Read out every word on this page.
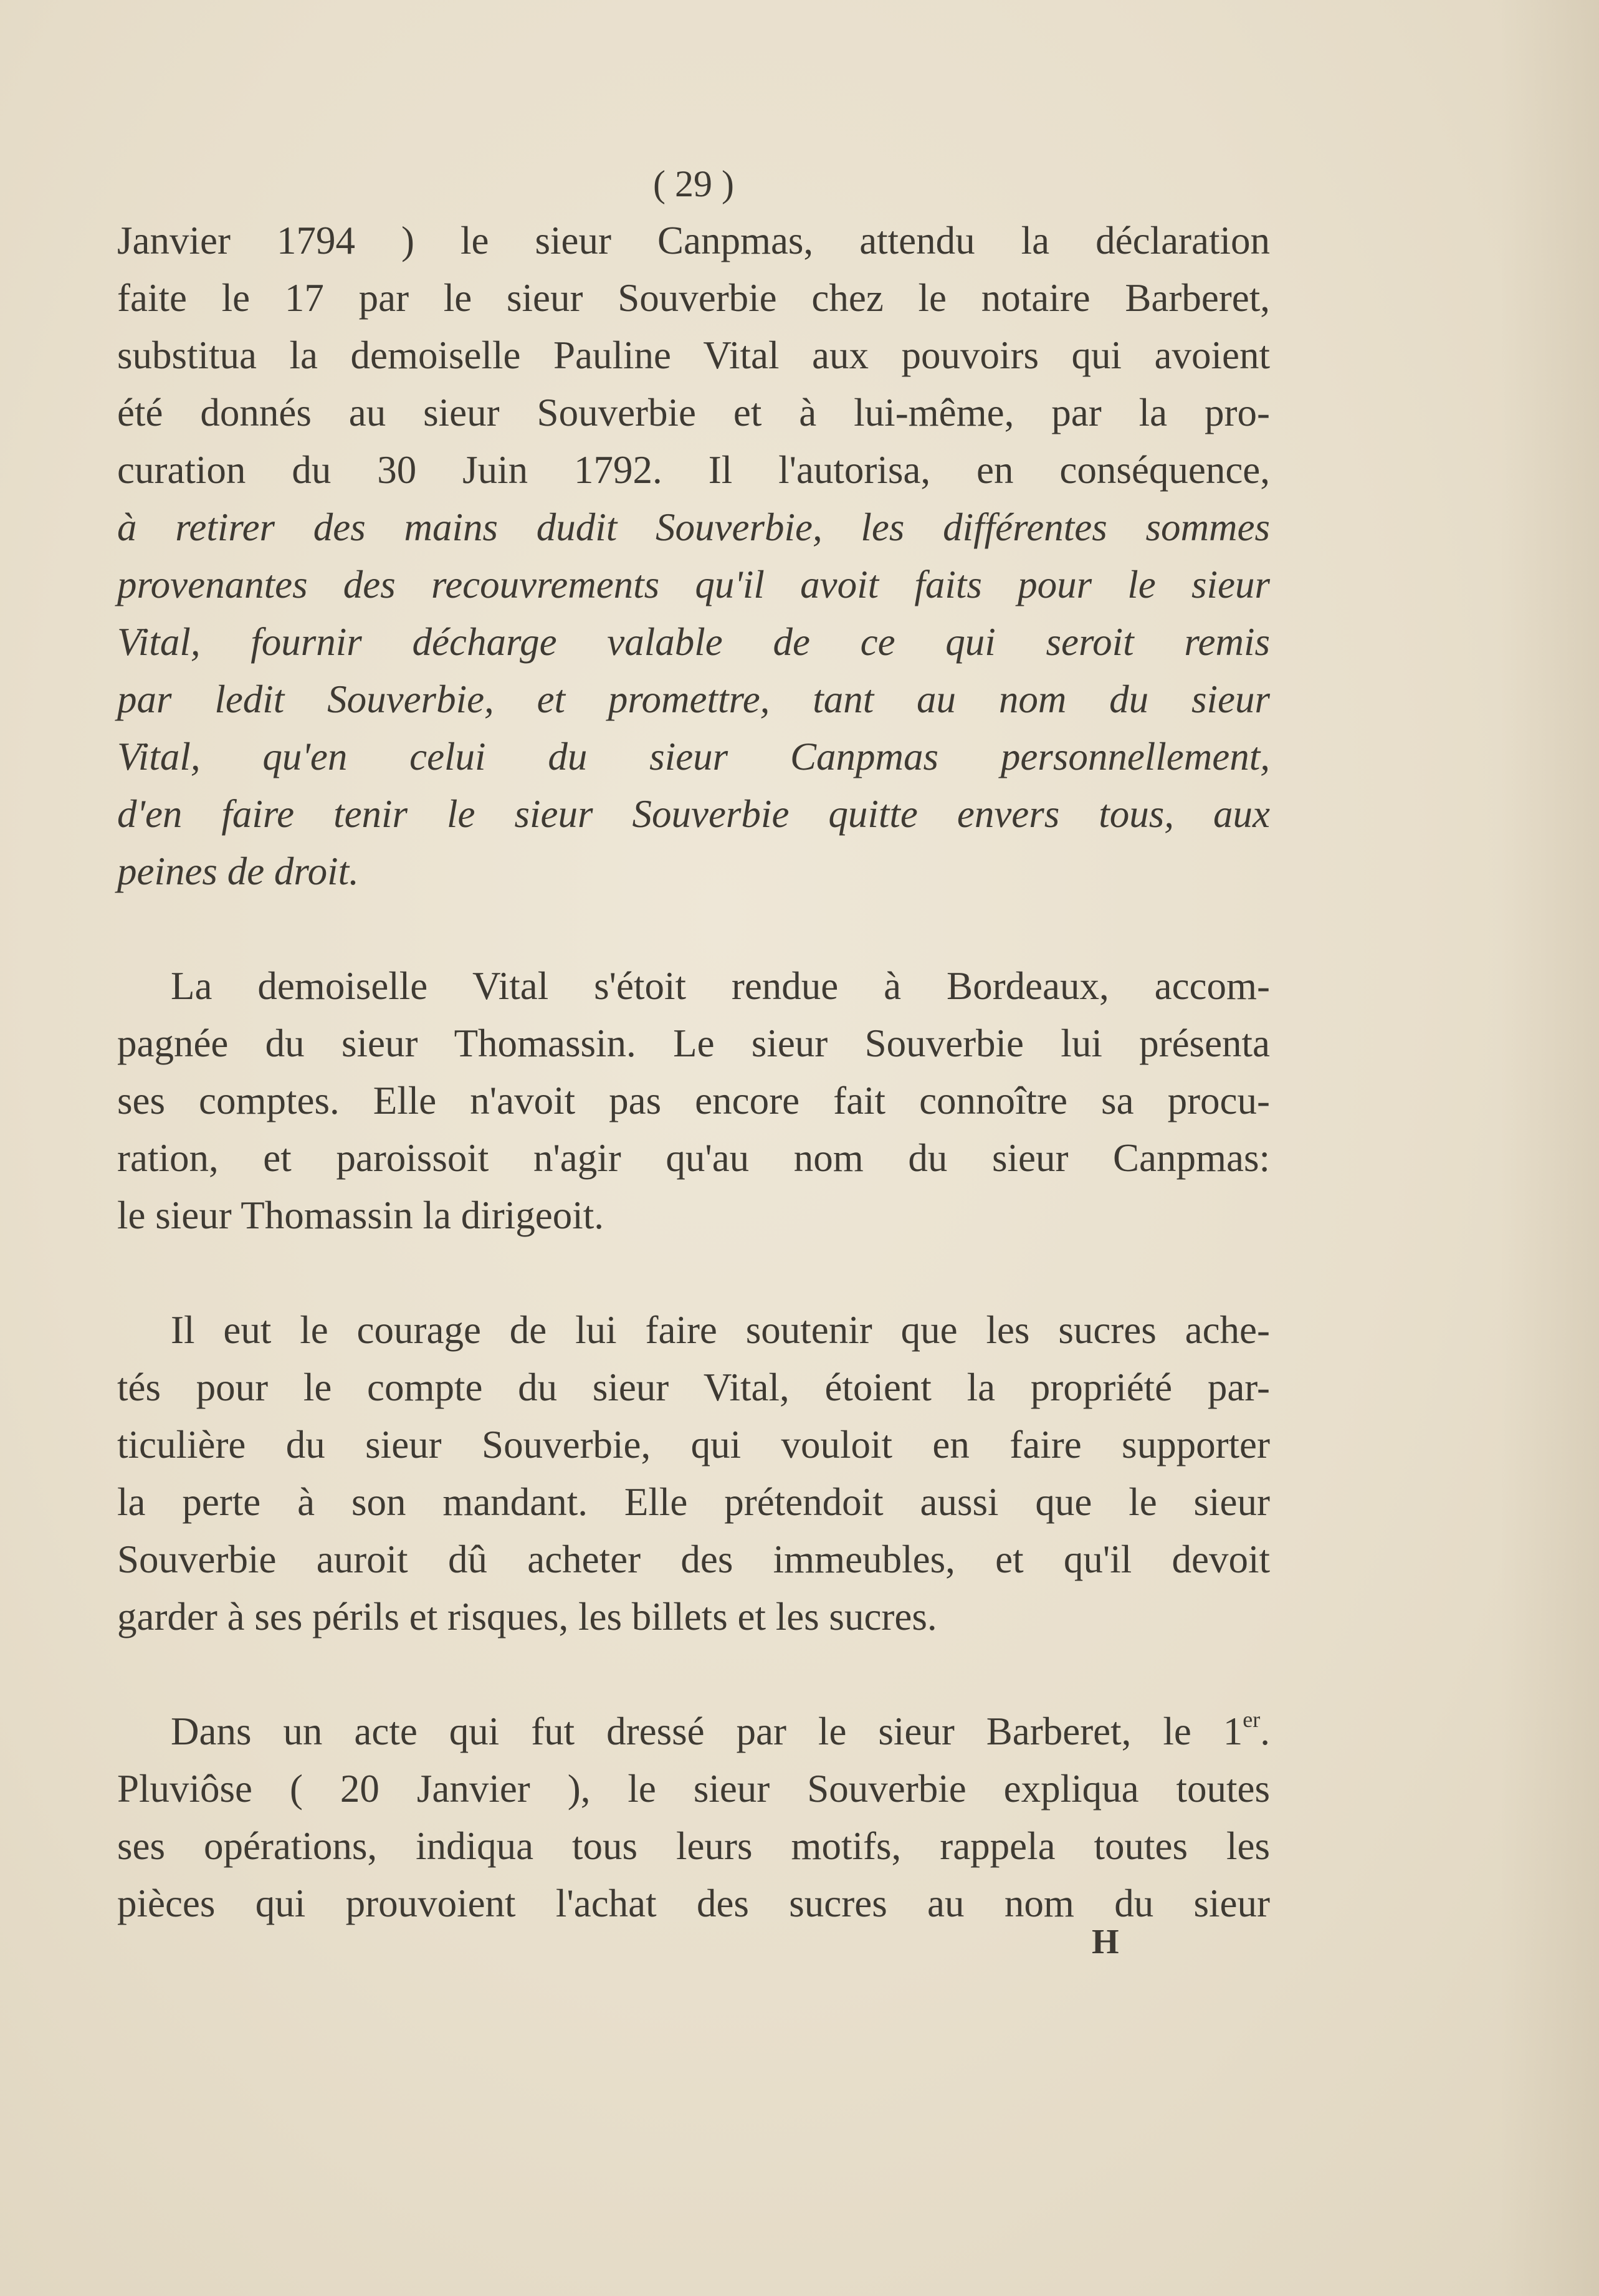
( 29 )
Janvier 1794 ) le sieur Canpmas, attendu la déclaration
faite le 17 par le sieur Souverbie chez le notaire Barberet,
substitua la demoiselle Pauline Vital aux pouvoirs qui avoient
été donnés au sieur Souverbie et à lui-même, par la pro-
curation du 30 Juin 1792. Il l'autorisa, en conséquence,
à retirer des mains dudit Souverbie, les différentes sommes
provenantes des recouvrements qu'il avoit faits pour le sieur
Vital, fournir décharge valable de ce qui seroit remis
par ledit Souverbie, et promettre, tant au nom du sieur
Vital, qu'en celui du sieur Canpmas personnellement,
d'en faire tenir le sieur Souverbie quitte envers tous, aux
peines de droit.
La demoiselle Vital s'étoit rendue à Bordeaux, accom-
pagnée du sieur Thomassin. Le sieur Souverbie lui présenta
ses comptes. Elle n'avoit pas encore fait connoître sa procu-
ration, et paroissoit n'agir qu'au nom du sieur Canpmas:
le sieur Thomassin la dirigeoit.
Il eut le courage de lui faire soutenir que les sucres ache-
tés pour le compte du sieur Vital, étoient la propriété par-
ticulière du sieur Souverbie, qui vouloit en faire supporter
la perte à son mandant. Elle prétendoit aussi que le sieur
Souverbie auroit dû acheter des immeubles, et qu'il devoit
garder à ses périls et risques, les billets et les sucres.
Dans un acte qui fut dressé par le sieur Barberet, le 1er.
Pluviôse ( 20 Janvier ), le sieur Souverbie expliqua toutes
ses opérations, indiqua tous leurs motifs, rappela toutes les
pièces qui prouvoient l'achat des sucres au nom du sieur
H
